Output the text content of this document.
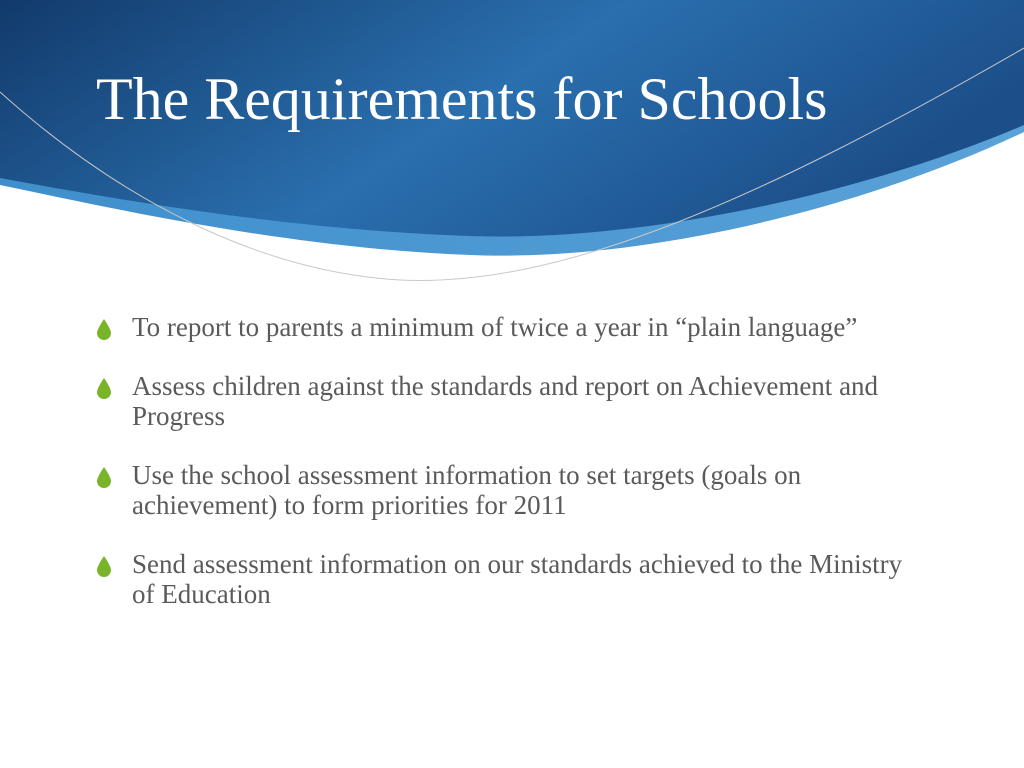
The Requirements for Schools
To report to parents a minimum of twice a year in “plain language”
Assess children against the standards and report on Achievement and Progress
Use the school assessment information to set targets (goals on achievement) to form priorities for 2011
Send assessment information on our standards achieved to the Ministry of Education
